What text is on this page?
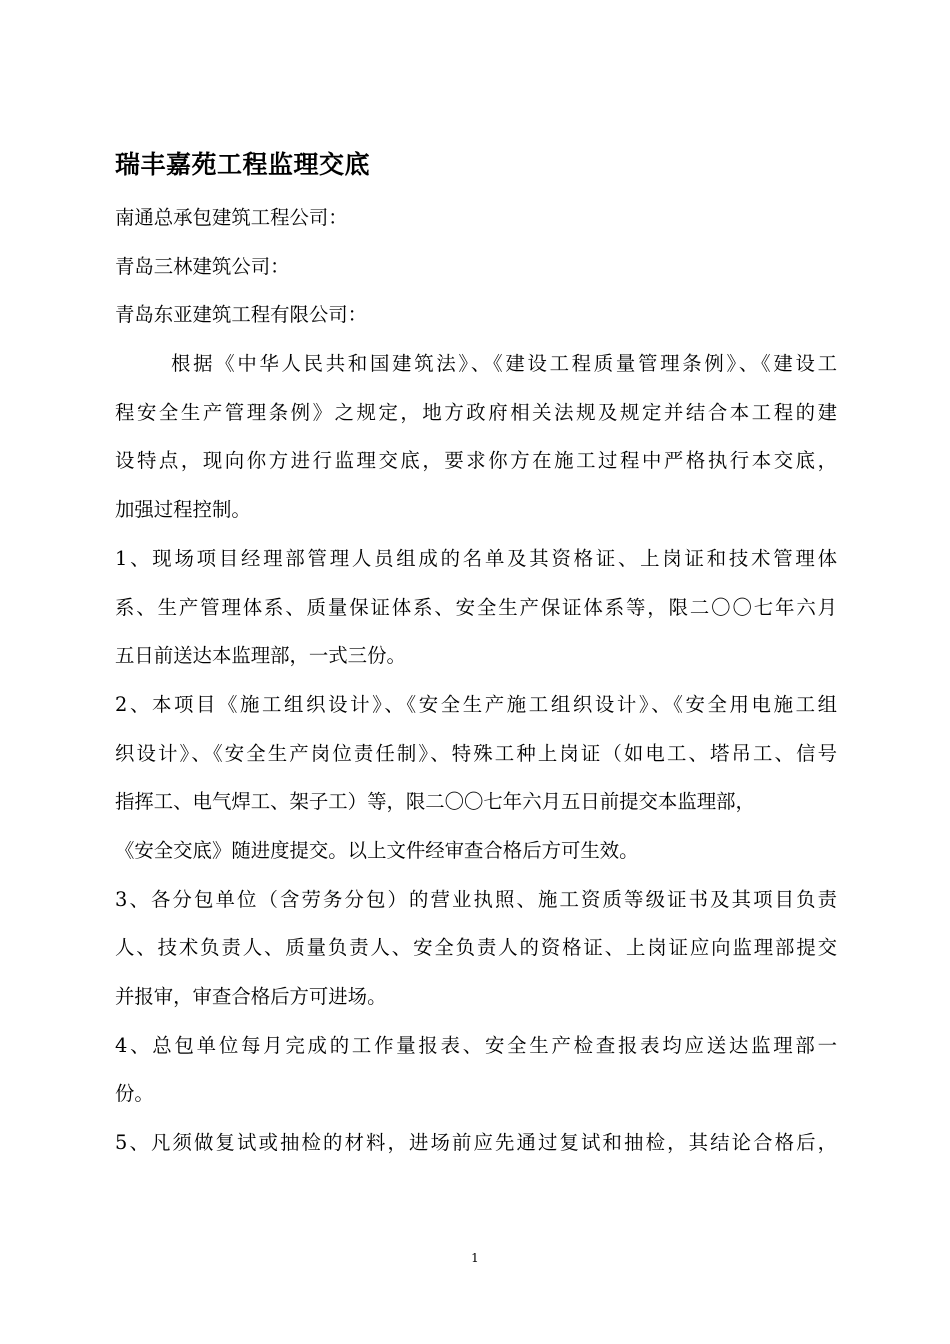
瑞丰嘉苑工程监理交底
南通总承包建筑工程公司：
青岛三林建筑公司：
青岛东亚建筑工程有限公司：
根据《中华人民共和国建筑法》、《建设工程质量管理条例》、《建设工
程安全生产管理条例》之规定，地方政府相关法规及规定并结合本工程的建
设特点，现向你方进行监理交底，要求你方在施工过程中严格执行本交底，
加强过程控制。
1、现场项目经理部管理人员组成的名单及其资格证、上岗证和技术管理体
系、生产管理体系、质量保证体系、安全生产保证体系等，限二〇〇七年六月
五日前送达本监理部，一式三份。
2、本项目《施工组织设计》、《安全生产施工组织设计》、《安全用电施工组
织设计》、《安全生产岗位责任制》、特殊工种上岗证（如电工、塔吊工、信号
指挥工、电气焊工、架子工）等，限二〇〇七年六月五日前提交本监理部，
《安全交底》随进度提交。以上文件经审查合格后方可生效。
3、各分包单位（含劳务分包）的营业执照、施工资质等级证书及其项目负责
人、技术负责人、质量负责人、安全负责人的资格证、上岗证应向监理部提交
并报审，审查合格后方可进场。
4、总包单位每月完成的工作量报表、安全生产检查报表均应送达监理部一
份。
5、凡须做复试或抽检的材料，进场前应先通过复试和抽检，其结论合格后，
1
